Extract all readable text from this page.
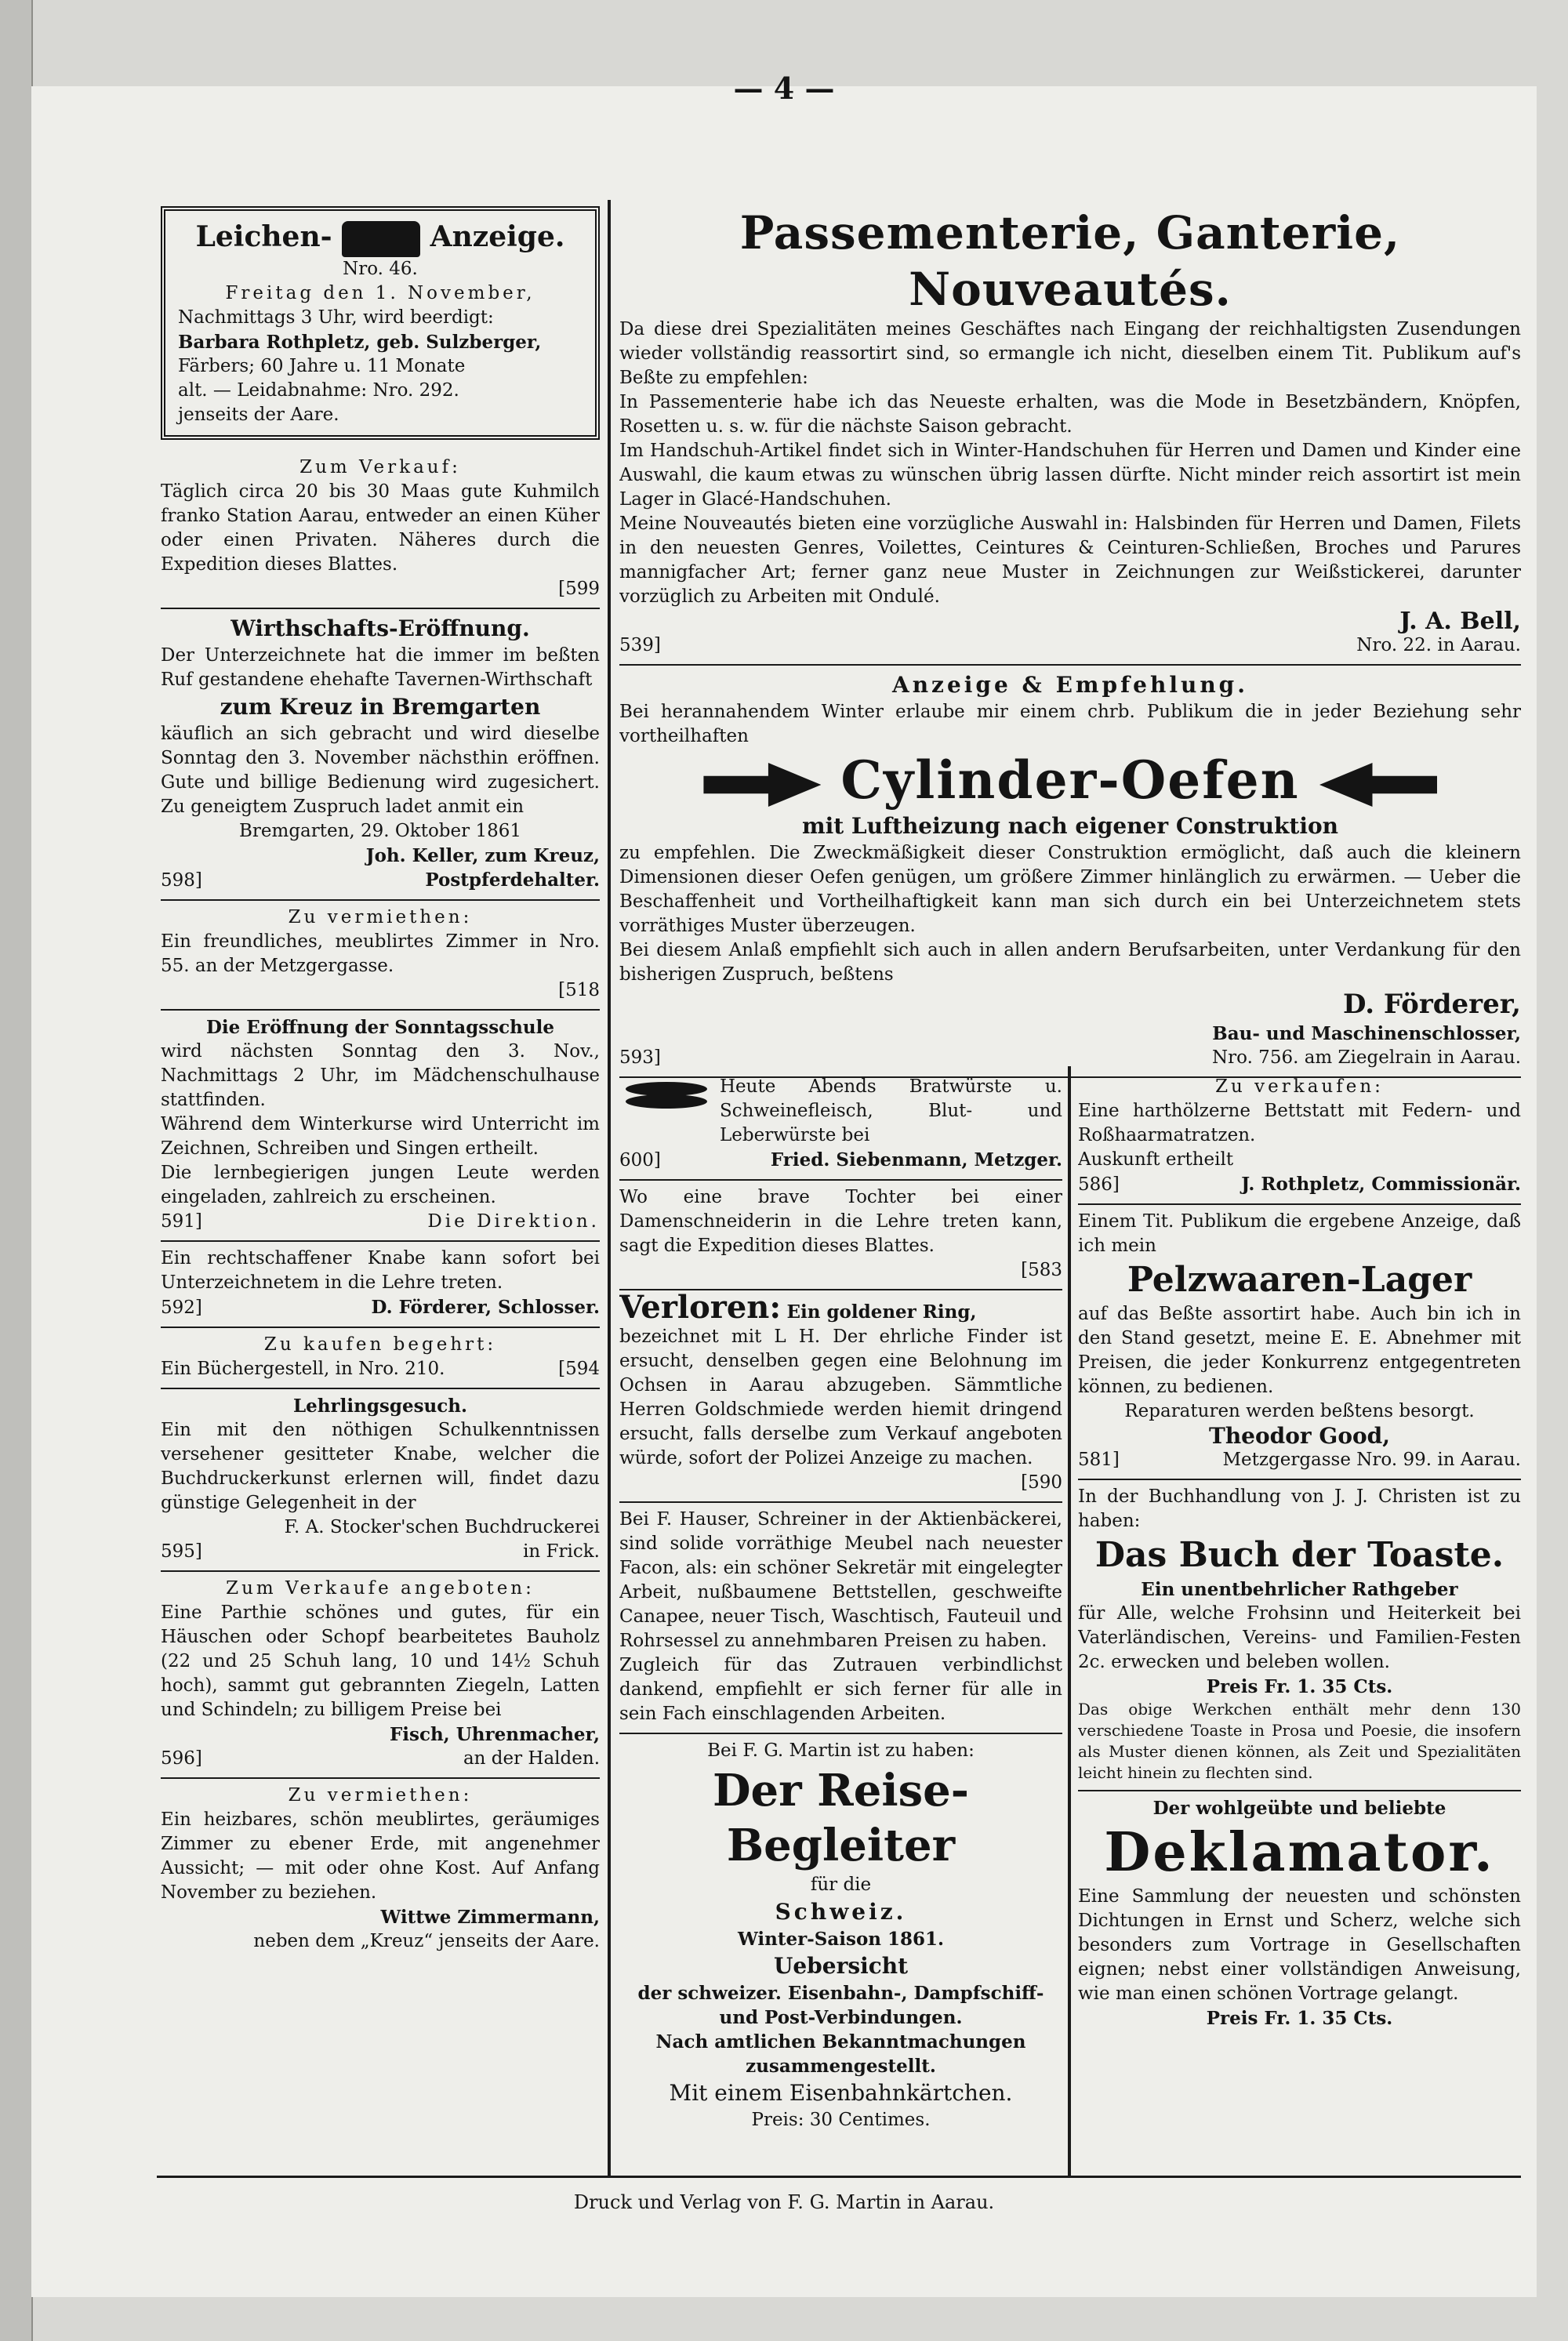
— 4 —

Leichen-	Anzeige.

Nro. 46.

Freitag den 1. November,

Nachmittags 3 Uhr, wird beerdigt:

Barbara Rothpletz, geb. Sulzberger,

Färbers; 60 Jahre u. 11 Monate

alt. — Leidabnahme: Nro. 292.

jenseits der Aare.

Zum Verkauf:

Täglich circa 20 bis 30 Maas gute Kuhmilch franko Station Aarau, entweder an einen Küher oder einen Privaten. Näheres durch die Expedition dieses Blattes.

[599

Wirthschafts-Eröffnung.

Der Unterzeichnete hat die immer im beßten Ruf gestandene ehehafte Tavernen-Wirthschaft

zum Kreuz in Bremgarten

käuflich an sich gebracht und wird dieselbe Sonntag den 3. November nächsthin eröffnen. Gute und billige Bedienung wird zugesichert. Zu geneigtem Zuspruch ladet anmit ein

Bremgarten, 29. Oktober 1861

Joh. Keller, zum Kreuz,

598]	Postpferdehalter.

Zu vermiethen:

Ein freundliches, meublirtes Zimmer in Nro. 55. an der Metzgergasse.

[518

Die Eröffnung der Sonntagsschule

wird nächsten Sonntag den 3. Nov., Nachmittags 2 Uhr, im Mädchenschulhause stattfinden.

Während dem Winterkurse wird Unterricht im Zeichnen, Schreiben und Singen ertheilt.

Die lernbegierigen jungen Leute werden eingeladen, zahlreich zu erscheinen.

591]	Die Direktion.

Ein rechtschaffener Knabe kann sofort bei Unterzeichnetem in die Lehre treten.

592]	D. Förderer, Schlosser.

Zu kaufen begehrt:

Ein Büchergestell, in Nro. 210.	[594

Lehrlingsgesuch.

Ein mit den nöthigen Schulkenntnissen versehener gesitteter Knabe, welcher die Buchdruckerkunst erlernen will, findet dazu günstige Gelegenheit in der

F. A. Stocker'schen Buchdruckerei

595]	in Frick.

Zum Verkaufe angeboten:

Eine Parthie schönes und gutes, für ein Häuschen oder Schopf bearbeitetes Bauholz (22 und 25 Schuh lang, 10 und 14½ Schuh hoch), sammt gut gebrannten Ziegeln, Latten und Schindeln; zu billigem Preise bei

Fisch, Uhrenmacher,

596]	an der Halden.

Zu vermiethen:

Ein heizbares, schön meublirtes, geräumiges Zimmer zu ebener Erde, mit angenehmer Aussicht; — mit oder ohne Kost. Auf Anfang November zu beziehen.

Wittwe Zimmermann,

neben dem „Kreuz“ jenseits der Aare.

Passementerie, Ganterie, Nouveautés.

Da diese drei Spezialitäten meines Geschäftes nach Eingang der reichhaltigsten Zusendungen wieder vollständig reassortirt sind, so ermangle ich nicht, dieselben einem Tit. Publikum auf's Beßte zu empfehlen:

In Passementerie habe ich das Neueste erhalten, was die Mode in Besetzbändern, Knöpfen, Rosetten u. s. w. für die nächste Saison gebracht.

Im Handschuh-Artikel findet sich in Winter-Handschuhen für Herren und Damen und Kinder eine Auswahl, die kaum etwas zu wünschen übrig lassen dürfte. Nicht minder reich assortirt ist mein Lager in Glacé-Handschuhen.

Meine Nouveautés bieten eine vorzügliche Auswahl in: Halsbinden für Herren und Damen, Filets in den neuesten Genres, Voilettes, Ceintures & Ceinturen-Schließen, Broches und Parures mannigfacher Art; ferner ganz neue Muster in Zeichnungen zur Weißstickerei, darunter vorzüglich zu Arbeiten mit Ondulé.

J. A. Bell,

539]	Nro. 22. in Aarau.

Anzeige & Empfehlung.

Bei herannahendem Winter erlaube mir einem chrb. Publikum die in jeder Beziehung sehr vortheilhaften

Cylinder-Oefen

mit Luftheizung nach eigener Construktion

zu empfehlen. Die Zweckmäßigkeit dieser Construktion ermöglicht, daß auch die kleinern Dimensionen dieser Oefen genügen, um größere Zimmer hinlänglich zu erwärmen. — Ueber die Beschaffenheit und Vortheilhaftigkeit kann man sich durch ein bei Unterzeichnetem stets vorräthiges Muster überzeugen.

Bei diesem Anlaß empfiehlt sich auch in allen andern Berufsarbeiten, unter Verdankung für den bisherigen Zuspruch, beßtens

D. Förderer,

Bau- und Maschinenschlosser,

593]	Nro. 756. am Ziegelrain in Aarau.

Heute Abends Bratwürste u. Schweinefleisch, Blut- und Leberwürste bei

600]	Fried. Siebenmann, Metzger.

Wo eine brave Tochter bei einer Damenschneiderin in die Lehre treten kann, sagt die Expedition dieses Blattes.

[583

Verloren: Ein goldener Ring,

bezeichnet mit L H. Der ehrliche Finder ist ersucht, denselben gegen eine Belohnung im Ochsen in Aarau abzugeben. Sämmtliche Herren Goldschmiede werden hiemit dringend ersucht, falls derselbe zum Verkauf angeboten würde, sofort der Polizei Anzeige zu machen.

[590

Bei F. Hauser, Schreiner in der Aktienbäckerei, sind solide vorräthige Meubel nach neuester Facon, als: ein schöner Sekretär mit eingelegter Arbeit, nußbaumene Bettstellen, geschweifte Canapee, neuer Tisch, Waschtisch, Fauteuil und Rohrsessel zu annehmbaren Preisen zu haben.

Zugleich für das Zutrauen verbindlichst dankend, empfiehlt er sich ferner für alle in sein Fach einschlagenden Arbeiten.

Bei F. G. Martin ist zu haben:

Der Reise-Begleiter

für die

Schweiz.

Winter-Saison 1861.

Uebersicht

der schweizer. Eisenbahn-, Dampfschiff- und Post-Verbindungen.

Nach amtlichen Bekanntmachungen zusammengestellt.

Mit einem Eisenbahnkärtchen.

Preis: 30 Centimes.

Zu verkaufen:

Eine harthölzerne Bettstatt mit Federn- und Roßhaarmatratzen.

Auskunft ertheilt

586]	J. Rothpletz, Commissionär.

Einem Tit. Publikum die ergebene Anzeige, daß ich mein

Pelzwaaren-Lager

auf das Beßte assortirt habe. Auch bin ich in den Stand gesetzt, meine E. E. Abnehmer mit Preisen, die jeder Konkurrenz entgegentreten können, zu bedienen.

Reparaturen werden beßtens besorgt.

Theodor Good,

581]	Metzgergasse Nro. 99. in Aarau.

In der Buchhandlung von J. J. Christen ist zu haben:

Das Buch der Toaste.

Ein unentbehrlicher Rathgeber

für Alle, welche Frohsinn und Heiterkeit bei Vaterländischen, Vereins- und Familien-Festen 2c. erwecken und beleben wollen.

Preis Fr. 1. 35 Cts.

Das obige Werkchen enthält mehr denn 130 verschiedene Toaste in Prosa und Poesie, die insofern als Muster dienen können, als Zeit und Spezialitäten leicht hinein zu flechten sind.

Der wohlgeübte und beliebte

Deklamator.

Eine Sammlung der neuesten und schönsten Dichtungen in Ernst und Scherz, welche sich besonders zum Vortrage in Gesellschaften eignen; nebst einer vollständigen Anweisung, wie man einen schönen Vortrage gelangt.

Preis Fr. 1. 35 Cts.

Druck und Verlag von F. G. Martin in Aarau.
